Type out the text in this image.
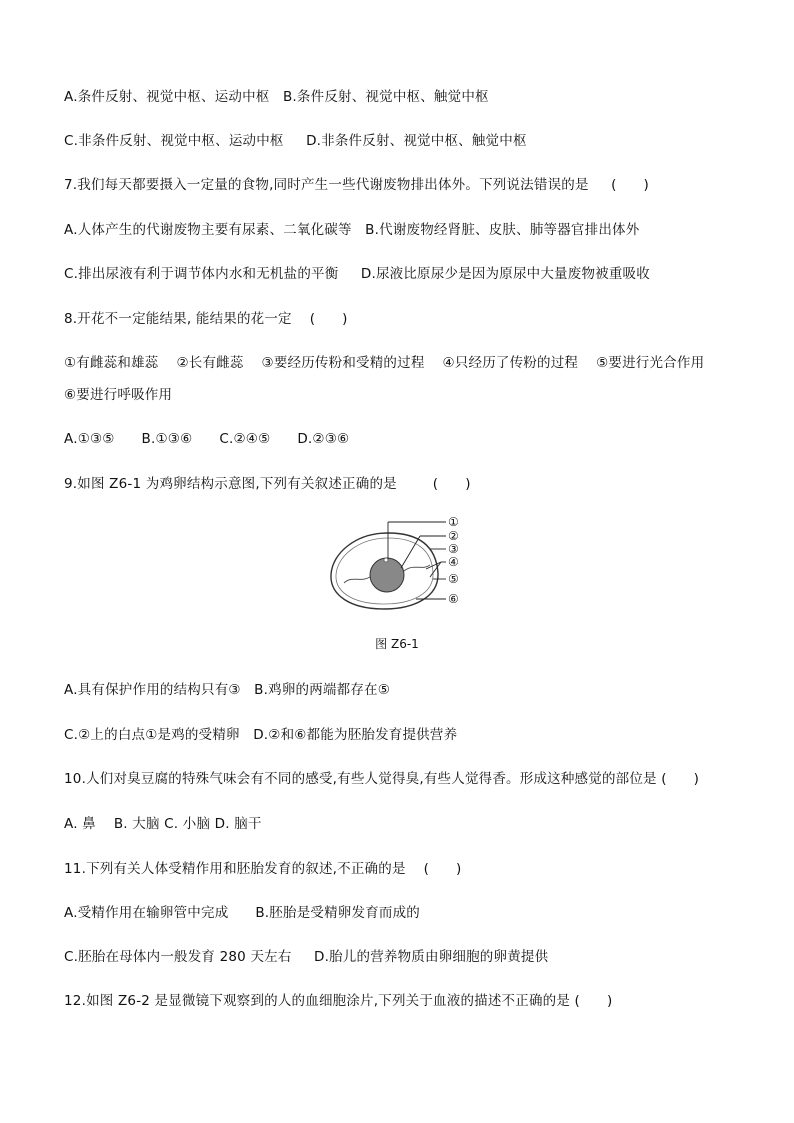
A.条件反射、视觉中枢、运动中枢   B.条件反射、视觉中枢、触觉中枢
C.非条件反射、视觉中枢、运动中枢     D.非条件反射、视觉中枢、触觉中枢
7.我们每天都要摄入一定量的食物,同时产生一些代谢废物排出体外。下列说法错误的是     (      )
A.人体产生的代谢废物主要有尿素、二氧化碳等   B.代谢废物经肾脏、皮肤、肺等器官排出体外
C.排出尿液有利于调节体内水和无机盐的平衡     D.尿液比原尿少是因为原尿中大量废物被重吸收
8.开花不一定能结果, 能结果的花一定    (      )
①有雌蕊和雄蕊    ②长有雌蕊    ③要经历传粉和受精的过程    ④只经历了传粉的过程    ⑤要进行光合作用
⑥要进行呼吸作用
A.①③⑤      B.①③⑥      C.②④⑤      D.②③⑥
9.如图 Z6-1 为鸡卵结构示意图,下列有关叙述正确的是        (      )
①
②
③
④
⑤
⑥
图 Z6-1
A.具有保护作用的结构只有③   B.鸡卵的两端都存在⑤
C.②上的白点①是鸡的受精卵   D.②和⑥都能为胚胎发育提供营养
10.人们对臭豆腐的特殊气味会有不同的感受,有些人觉得臭,有些人觉得香。形成这种感觉的部位是 (      )
A. 鼻    B. 大脑 C. 小脑 D. 脑干
11.下列有关人体受精作用和胚胎发育的叙述,不正确的是    (      )
A.受精作用在输卵管中完成      B.胚胎是受精卵发育而成的
C.胚胎在母体内一般发育 280 天左右     D.胎儿的营养物质由卵细胞的卵黄提供
12.如图 Z6-2 是显微镜下观察到的人的血细胞涂片,下列关于血液的描述不正确的是 (      )
